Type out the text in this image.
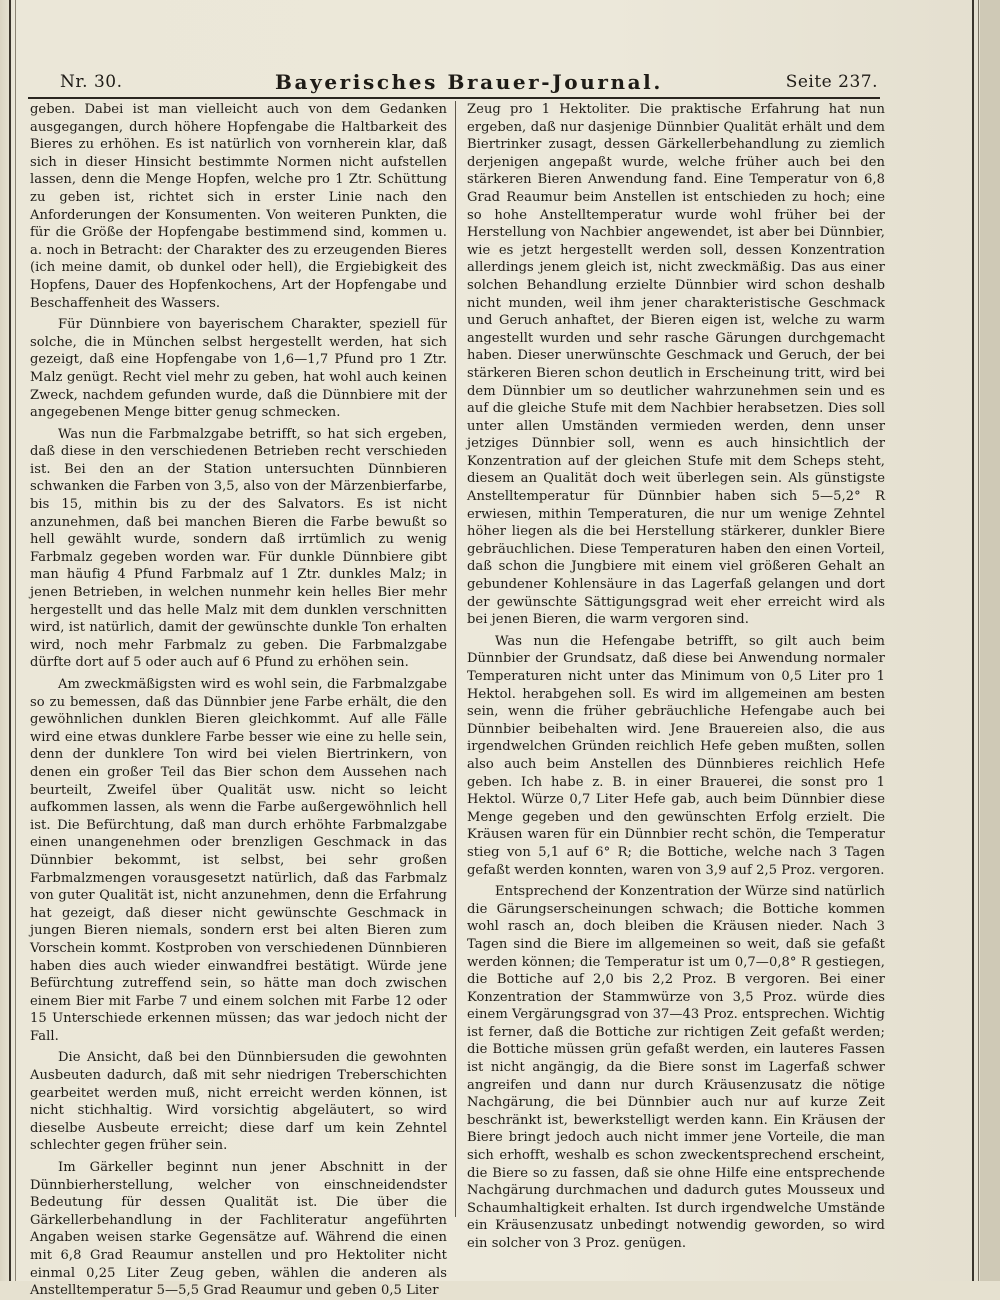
Nr. 30.	Bayerisches Brauer-Journal.	Seite 237.

geben. Dabei ist man vielleicht auch von dem Gedanken ausgegangen, durch höhere Hopfengabe die Haltbarkeit des Bieres zu erhöhen. Es ist natürlich von vornherein klar, daß sich in dieser Hinsicht bestimmte Normen nicht aufstellen lassen, denn die Menge Hopfen, welche pro 1 Ztr. Schüttung zu geben ist, richtet sich in erster Linie nach den Anforderungen der Konsumenten. Von weiteren Punkten, die für die Größe der Hopfengabe bestimmend sind, kommen u. a. noch in Betracht: der Charakter des zu erzeugenden Bieres (ich meine damit, ob dunkel oder hell), die Ergiebigkeit des Hopfens, Dauer des Hopfenkochens, Art der Hopfengabe und Beschaffenheit des Wassers.

Für Dünnbiere von bayerischem Charakter, speziell für solche, die in München selbst hergestellt werden, hat sich gezeigt, daß eine Hopfengabe von 1,6—1,7 Pfund pro 1 Ztr. Malz genügt. Recht viel mehr zu geben, hat wohl auch keinen Zweck, nachdem gefunden wurde, daß die Dünnbiere mit der angegebenen Menge bitter genug schmecken.

Was nun die Farbmalzgabe betrifft, so hat sich ergeben, daß diese in den verschiedenen Betrieben recht verschieden ist. Bei den an der Station untersuchten Dünnbieren schwanken die Farben von 3,5, also von der Märzenbierfarbe, bis 15, mithin bis zu der des Salvators. Es ist nicht anzunehmen, daß bei manchen Bieren die Farbe bewußt so hell gewählt wurde, sondern daß irrtümlich zu wenig Farbmalz gegeben worden war. Für dunkle Dünnbiere gibt man häufig 4 Pfund Farbmalz auf 1 Ztr. dunkles Malz; in jenen Betrieben, in welchen nunmehr kein helles Bier mehr hergestellt und das helle Malz mit dem dunklen verschnitten wird, ist natürlich, damit der gewünschte dunkle Ton erhalten wird, noch mehr Farbmalz zu geben. Die Farbmalzgabe dürfte dort auf 5 oder auch auf 6 Pfund zu erhöhen sein.

Am zweckmäßigsten wird es wohl sein, die Farbmalzgabe so zu bemessen, daß das Dünnbier jene Farbe erhält, die den gewöhnlichen dunklen Bieren gleichkommt. Auf alle Fälle wird eine etwas dunklere Farbe besser wie eine zu helle sein, denn der dunklere Ton wird bei vielen Biertrinkern, von denen ein großer Teil das Bier schon dem Aussehen nach beurteilt, Zweifel über Qualität usw. nicht so leicht aufkommen lassen, als wenn die Farbe außergewöhnlich hell ist. Die Befürchtung, daß man durch erhöhte Farbmalzgabe einen unangenehmen oder brenzligen Geschmack in das Dünnbier bekommt, ist selbst, bei sehr großen Farbmalzmengen vorausgesetzt natürlich, daß das Farbmalz von guter Qualität ist, nicht anzunehmen, denn die Erfahrung hat gezeigt, daß dieser nicht gewünschte Geschmack in jungen Bieren niemals, sondern erst bei alten Bieren zum Vorschein kommt. Kostproben von verschiedenen Dünnbieren haben dies auch wieder einwandfrei bestätigt. Würde jene Befürchtung zutreffend sein, so hätte man doch zwischen einem Bier mit Farbe 7 und einem solchen mit Farbe 12 oder 15 Unterschiede erkennen müssen; das war jedoch nicht der Fall.

Die Ansicht, daß bei den Dünnbiersuden die gewohnten Ausbeuten dadurch, daß mit sehr niedrigen Treberschichten gearbeitet werden muß, nicht erreicht werden können, ist nicht stichhaltig. Wird vorsichtig abgeläutert, so wird dieselbe Ausbeute erreicht; diese darf um kein Zehntel schlechter gegen früher sein.

Im Gärkeller beginnt nun jener Abschnitt in der Dünnbierherstellung, welcher von einschneidendster Bedeutung für dessen Qualität ist. Die über die Gärkellerbehandlung in der Fachliteratur angeführten Angaben weisen starke Gegensätze auf. Während die einen mit 6,8 Grad Reaumur anstellen und pro Hektoliter nicht einmal 0,25 Liter Zeug geben, wählen die anderen als Anstelltemperatur 5—5,5 Grad Reaumur und geben 0,5 Liter

Zeug pro 1 Hektoliter. Die praktische Erfahrung hat nun ergeben, daß nur dasjenige Dünnbier Qualität erhält und dem Biertrinker zusagt, dessen Gärkellerbehandlung zu ziemlich derjenigen angepaßt wurde, welche früher auch bei den stärkeren Bieren Anwendung fand. Eine Temperatur von 6,8 Grad Reaumur beim Anstellen ist entschieden zu hoch; eine so hohe Anstelltemperatur wurde wohl früher bei der Herstellung von Nachbier angewendet, ist aber bei Dünnbier, wie es jetzt hergestellt werden soll, dessen Konzentration allerdings jenem gleich ist, nicht zweckmäßig. Das aus einer solchen Behandlung erzielte Dünnbier wird schon deshalb nicht munden, weil ihm jener charakteristische Geschmack und Geruch anhaftet, der Bieren eigen ist, welche zu warm angestellt wurden und sehr rasche Gärungen durchgemacht haben. Dieser unerwünschte Geschmack und Geruch, der bei stärkeren Bieren schon deutlich in Erscheinung tritt, wird bei dem Dünnbier um so deutlicher wahrzunehmen sein und es auf die gleiche Stufe mit dem Nachbier herabsetzen. Dies soll unter allen Umständen vermieden werden, denn unser jetziges Dünnbier soll, wenn es auch hinsichtlich der Konzentration auf der gleichen Stufe mit dem Scheps steht, diesem an Qualität doch weit überlegen sein. Als günstigste Anstelltemperatur für Dünnbier haben sich 5—5,2° R erwiesen, mithin Temperaturen, die nur um wenige Zehntel höher liegen als die bei Herstellung stärkerer, dunkler Biere gebräuchlichen. Diese Temperaturen haben den einen Vorteil, daß schon die Jungbiere mit einem viel größeren Gehalt an gebundener Kohlensäure in das Lagerfaß gelangen und dort der gewünschte Sättigungsgrad weit eher erreicht wird als bei jenen Bieren, die warm vergoren sind.

Was nun die Hefengabe betrifft, so gilt auch beim Dünnbier der Grundsatz, daß diese bei Anwendung normaler Temperaturen nicht unter das Minimum von 0,5 Liter pro 1 Hektol. herabgehen soll. Es wird im allgemeinen am besten sein, wenn die früher gebräuchliche Hefengabe auch bei Dünnbier beibehalten wird. Jene Brauereien also, die aus irgendwelchen Gründen reichlich Hefe geben mußten, sollen also auch beim Anstellen des Dünnbieres reichlich Hefe geben. Ich habe z. B. in einer Brauerei, die sonst pro 1 Hektol. Würze 0,7 Liter Hefe gab, auch beim Dünnbier diese Menge gegeben und den gewünschten Erfolg erzielt. Die Kräusen waren für ein Dünnbier recht schön, die Temperatur stieg von 5,1 auf 6° R; die Bottiche, welche nach 3 Tagen gefaßt werden konnten, waren von 3,9 auf 2,5 Proz. vergoren.

Entsprechend der Konzentration der Würze sind natürlich die Gärungserscheinungen schwach; die Bottiche kommen wohl rasch an, doch bleiben die Kräusen nieder. Nach 3 Tagen sind die Biere im allgemeinen so weit, daß sie gefaßt werden können; die Temperatur ist um 0,7—0,8° R gestiegen, die Bottiche auf 2,0 bis 2,2 Proz. B vergoren. Bei einer Konzentration der Stammwürze von 3,5 Proz. würde dies einem Vergärungsgrad von 37—43 Proz. entsprechen. Wichtig ist ferner, daß die Bottiche zur richtigen Zeit gefaßt werden; die Bottiche müssen grün gefaßt werden, ein lauteres Fassen ist nicht angängig, da die Biere sonst im Lagerfaß schwer angreifen und dann nur durch Kräusenzusatz die nötige Nachgärung, die bei Dünnbier auch nur auf kurze Zeit beschränkt ist, bewerkstelligt werden kann. Ein Kräusen der Biere bringt jedoch auch nicht immer jene Vorteile, die man sich erhofft, weshalb es schon zweckentsprechend erscheint, die Biere so zu fassen, daß sie ohne Hilfe eine entsprechende Nachgärung durchmachen und dadurch gutes Mousseux und Schaumhaltigkeit erhalten. Ist durch irgendwelche Umstände ein Kräusenzusatz unbedingt notwendig geworden, so wird ein solcher von 3 Proz. genügen.
